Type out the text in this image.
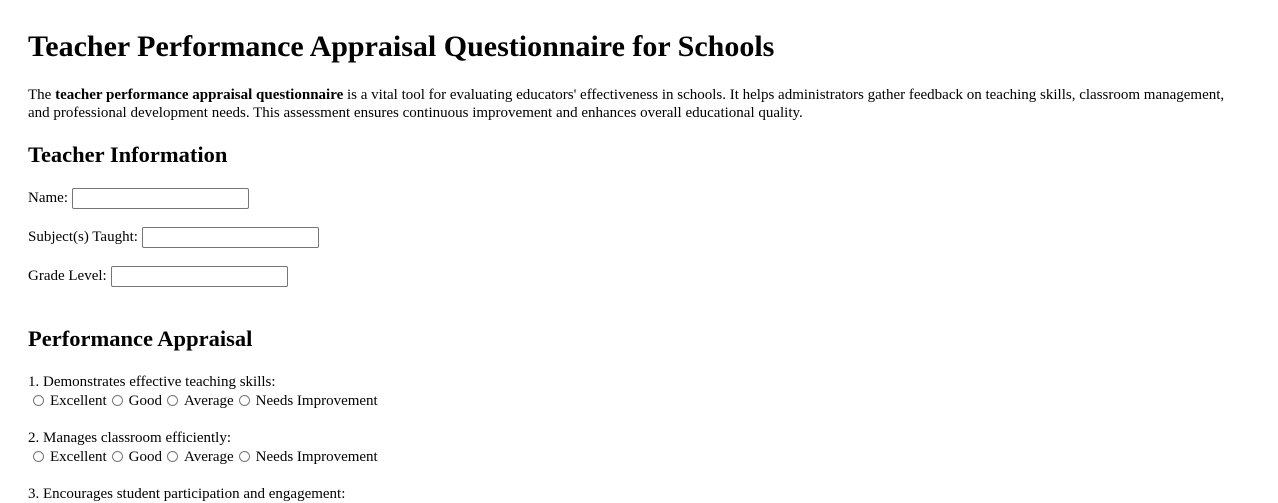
Teacher Performance Appraisal Questionnaire for Schools

The teacher performance appraisal questionnaire is a vital tool for evaluating educators' effectiveness in schools. It helps administrators gather feedback on teaching skills, classroom management, and professional development needs. This assessment ensures continuous improvement and enhances overall educational quality.

Teacher Information
Name:
Subject(s) Taught:
Grade Level:
Performance Appraisal
1. Demonstrates effective teaching skills:
Excellent Good Average Needs Improvement
2. Manages classroom efficiently:
Excellent Good Average Needs Improvement
3. Encourages student participation and engagement:
